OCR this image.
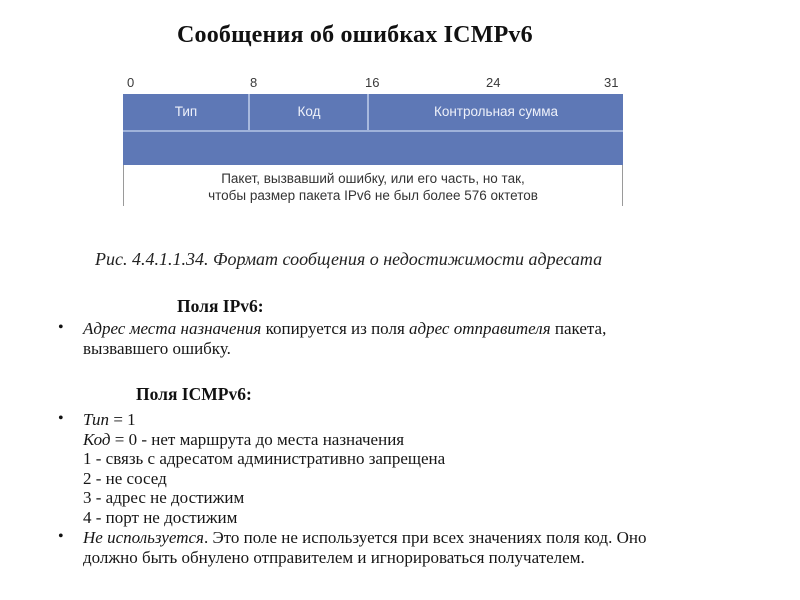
Сообщения об ошибках ICMPv6
0	8	16	24	31
Тип	Код	Контрольная сумма
Пакет, вызвавший ошибку, или его часть, но так,
чтобы размер пакета IPv6 не был более 576 октетов
Рис. 4.4.1.1.34. Формат сообщения о недостижимости адресата
Поля IPv6:
• Адрес места назначения копируется из поля адрес отправителя пакета,
вызвавшего ошибку.
Поля ICMPv6:
• Тип = 1
Код = 0 - нет маршрута до места назначения
1 - связь с адресатом административно запрещена
2 - не сосед
3 - адрес не достижим
4 - порт не достижим
• Не используется. Это поле не используется при всех значениях поля код. Оно
должно быть обнулено отправителем и игнорироваться получателем.
